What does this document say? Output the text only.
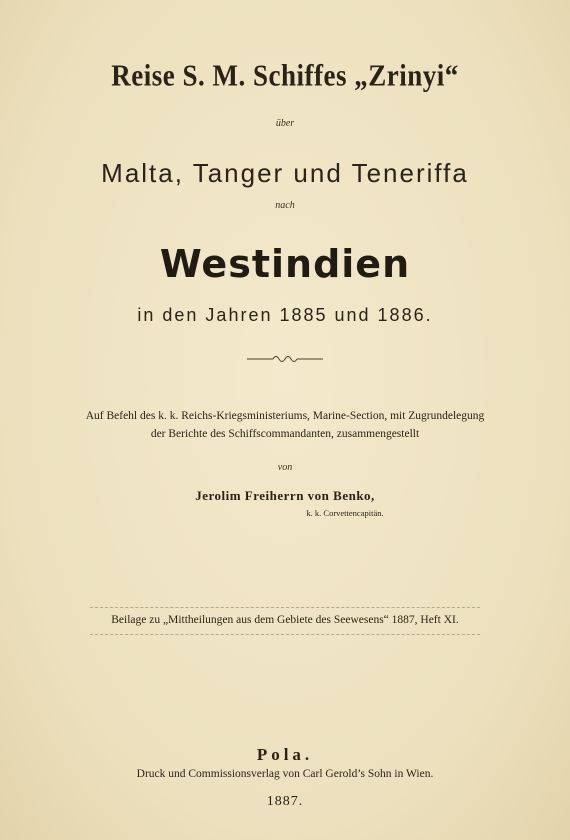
Reise S. M. Schiffes „Zrinyi“
über
Malta, Tanger und Teneriffa
nach
Westindien
in den Jahren 1885 und 1886.
Auf Befehl des k. k. Reichs-Kriegsministeriums, Marine-Section, mit Zugrundelegung
der Berichte des Schiffscommandanten, zusammengestellt
von
Jerolim Freiherrn von Benko,
k. k. Corvettencapitän.
Beilage zu „Mittheilungen aus dem Gebiete des Seewesens“ 1887, Heft XI.
Pola.
Druck und Commissionsverlag von Carl Gerold’s Sohn in Wien.
1887.
